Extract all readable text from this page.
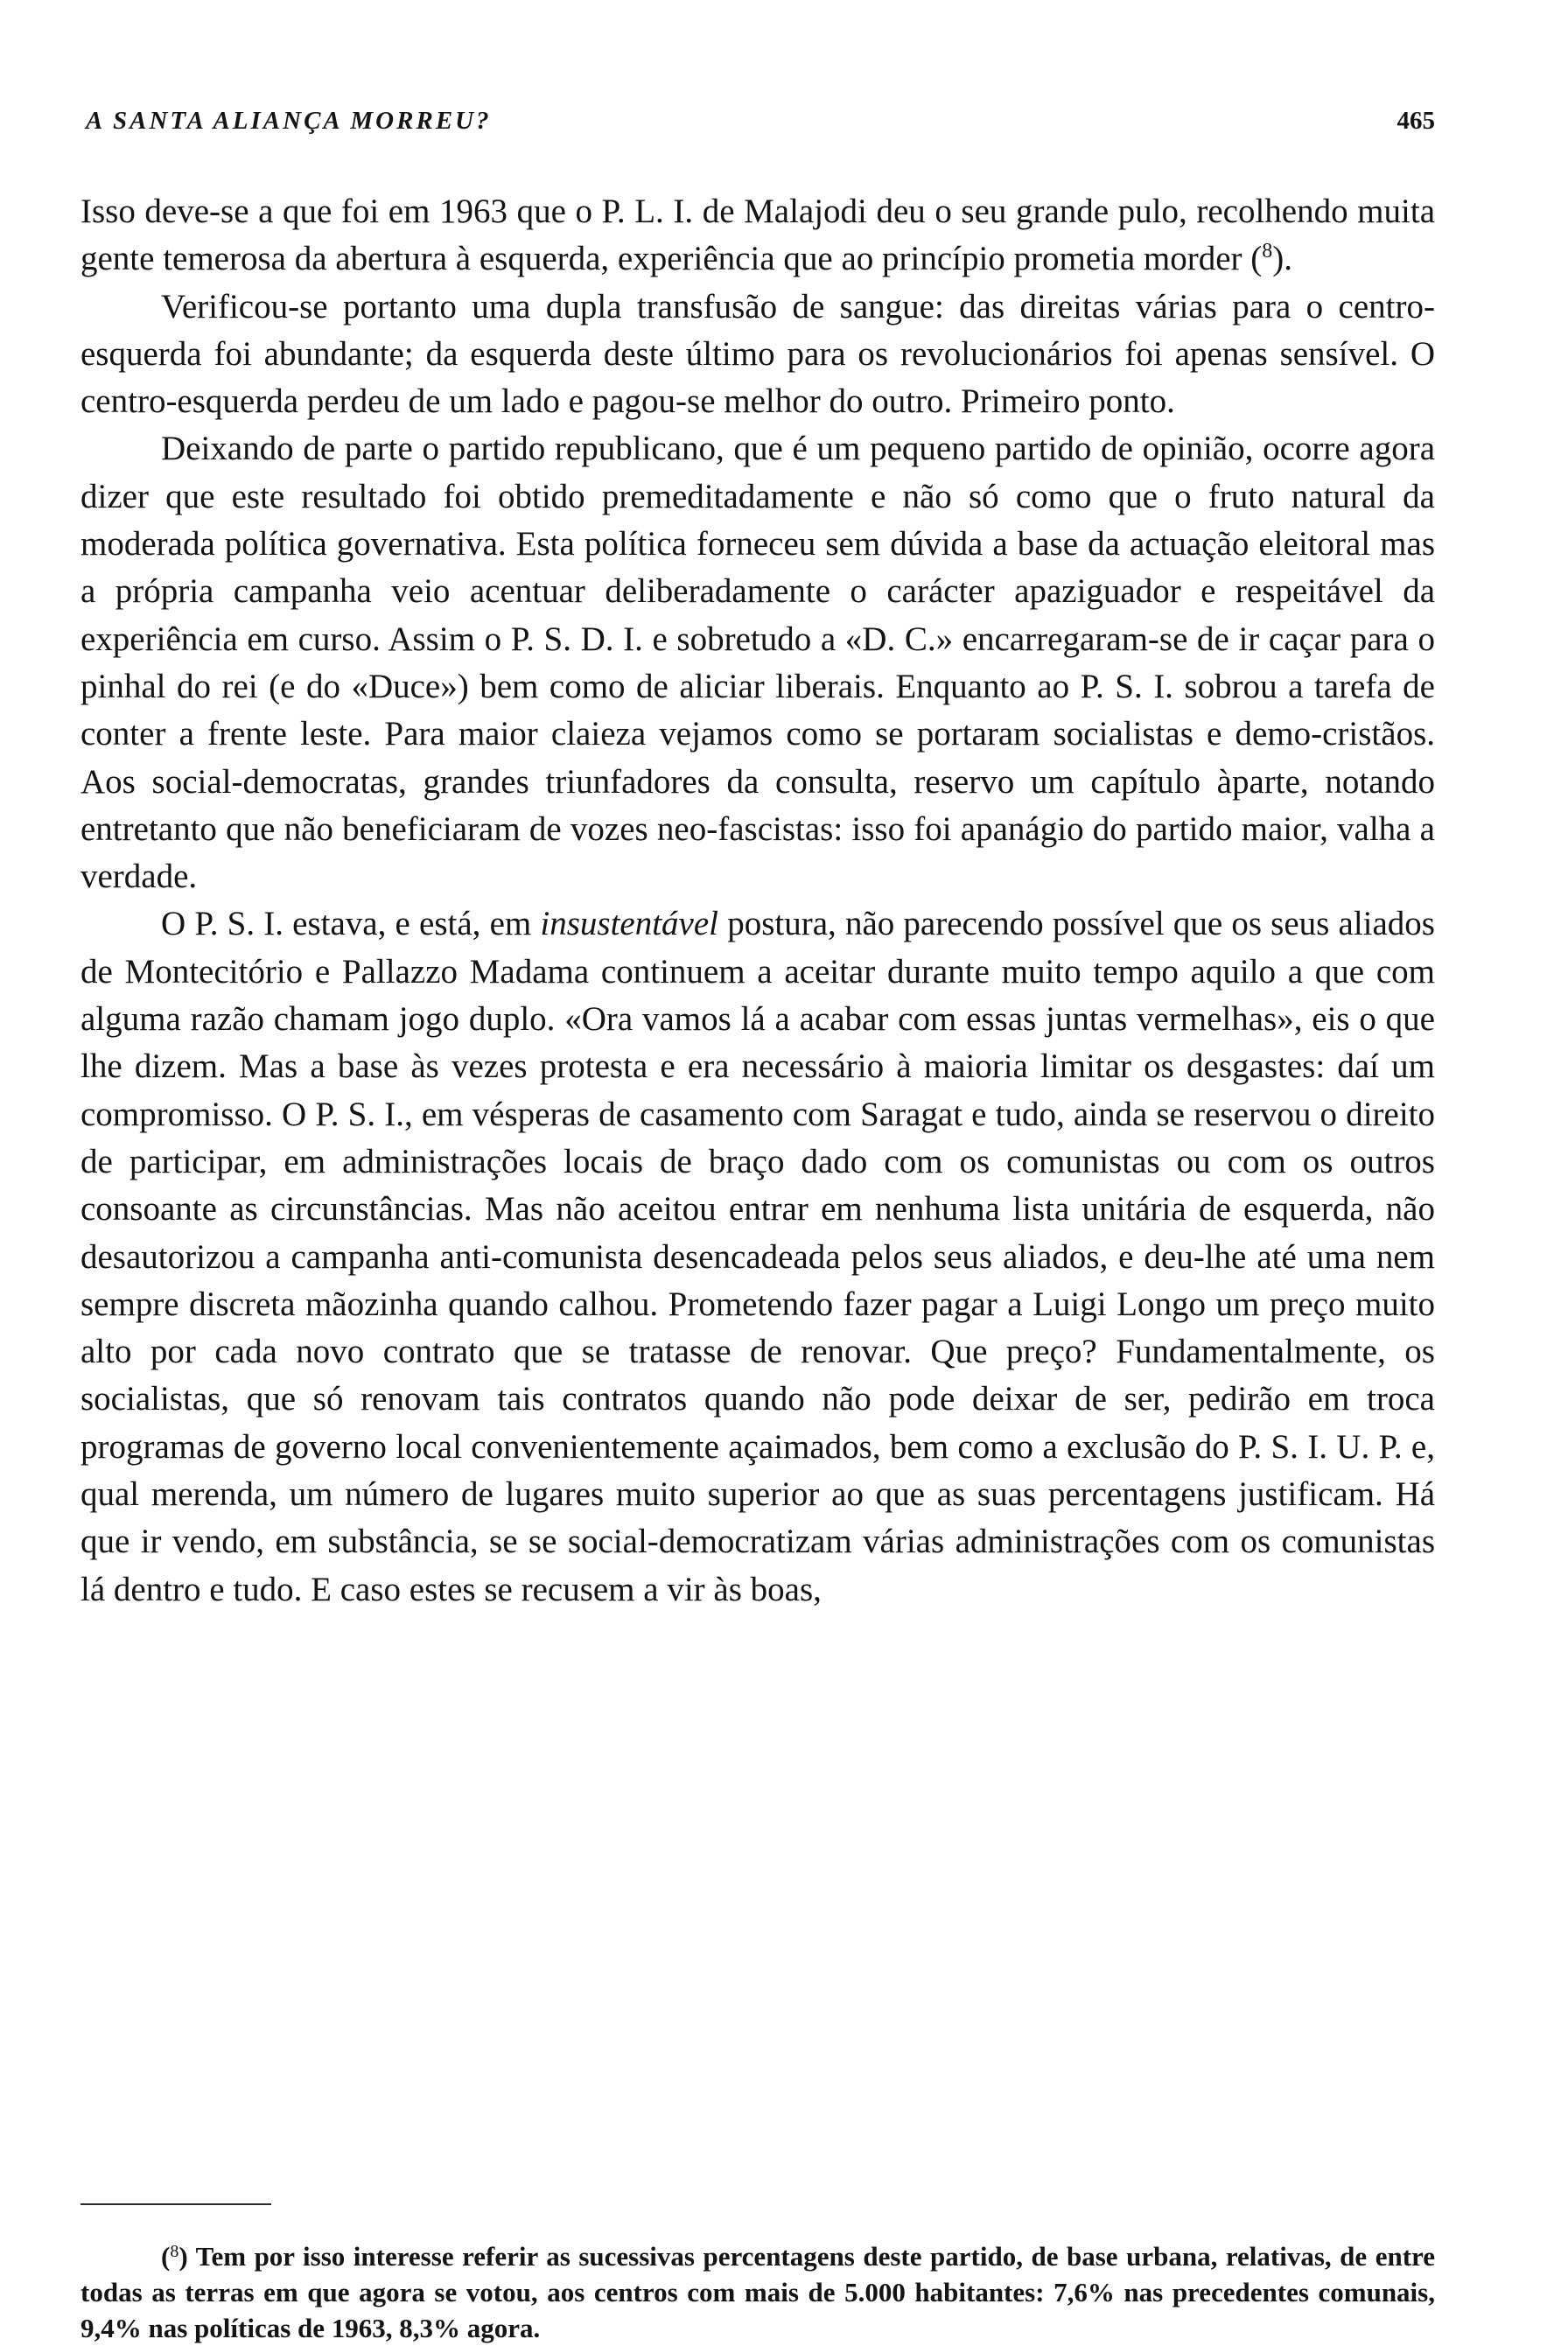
A SANTA ALIANÇA MORREU?	465

Isso deve-se a que foi em 1963 que o P. L. I. de Malajodi deu o seu grande pulo, recolhendo muita gente temerosa da abertura à esquerda, experiência que ao princípio prometia morder ($^8$).

Verificou-se portanto uma dupla transfusão de sangue: das direitas várias para o centro-esquerda foi abundante; da esquerda deste último para os revolucionários foi apenas sensível. O centro-esquerda perdeu de um lado e pagou-se melhor do outro. Primeiro ponto.

Deixando de parte o partido republicano, que é um pequeno partido de opinião, ocorre agora dizer que este resultado foi obtido premeditadamente e não só como que o fruto natural da moderada política governativa. Esta política forneceu sem dúvida a base da actuação eleitoral mas a própria campanha veio acentuar deliberadamente o carácter apaziguador e respeitável da experiência em curso. Assim o P. S. D. I. e sobretudo a «D. C.» encarregaram-se de ir caçar para o pinhal do rei (e do «Duce») bem como de aliciar liberais. Enquanto ao P. S. I. sobrou a tarefa de conter a frente leste. Para maior claieza vejamos como se portaram socialistas e demo-cristãos. Aos social-democratas, grandes triunfadores da consulta, reservo um capítulo àparte, notando entretanto que não beneficiaram de vozes neo-fascistas: isso foi apanágio do partido maior, valha a verdade.

O P. S. I. estava, e está, em insustentável postura, não parecendo possível que os seus aliados de Montecitório e Pallazzo Madama continuem a aceitar durante muito tempo aquilo a que com alguma razão chamam jogo duplo. «Ora vamos lá a acabar com essas juntas vermelhas», eis o que lhe dizem. Mas a base às vezes protesta e era necessário à maioria limitar os desgastes: daí um compromisso. O P. S. I., em vésperas de casamento com Saragat e tudo, ainda se reservou o direito de participar, em administrações locais de braço dado com os comunistas ou com os outros consoante as circunstâncias. Mas não aceitou entrar em nenhuma lista unitária de esquerda, não desautorizou a campanha anti-comunista desencadeada pelos seus aliados, e deu-lhe até uma nem sempre discreta mãozinha quando calhou. Prometendo fazer pagar a Luigi Longo um preço muito alto por cada novo contrato que se tratasse de renovar. Que preço? Fundamentalmente, os socialistas, que só renovam tais contratos quando não pode deixar de ser, pedirão em troca programas de governo local convenientemente açaimados, bem como a exclusão do P. S. I. U. P. e, qual merenda, um número de lugares muito superior ao que as suas percentagens justificam. Há que ir vendo, em substância, se se social-democratizam várias administrações com os comunistas lá dentro e tudo. E caso estes se recusem a vir às boas,

($^8$) Tem por isso interesse referir as sucessivas percentagens deste partido, de base urbana, relativas, de entre todas as terras em que agora se votou, aos centros com mais de 5.000 habitantes: 7,6% nas precedentes comunais, 9,4% nas políticas de 1963, 8,3% agora.
